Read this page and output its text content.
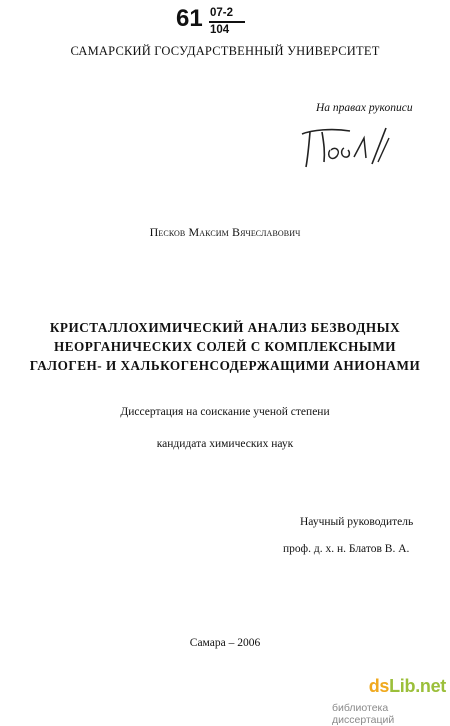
61 07-2
104
САМАРСКИЙ ГОСУДАРСТВЕННЫЙ УНИВЕРСИТЕТ
На правах рукописи
Песков Максим Вячеславович
КРИСТАЛЛОХИМИЧЕСКИЙ АНАЛИЗ БЕЗВОДНЫХ
НЕОРГАНИЧЕСКИХ СОЛЕЙ С КОМПЛЕКСНЫМИ
ГАЛОГЕН- И ХАЛЬКОГЕНСОДЕРЖАЩИМИ АНИОНАМИ
Диссертация на соискание ученой степени
кандидата химических наук
Научный руководитель
проф. д. х. н. Блатов В. А.
Самара – 2006
dsLib.net
библиотека диссертаций
